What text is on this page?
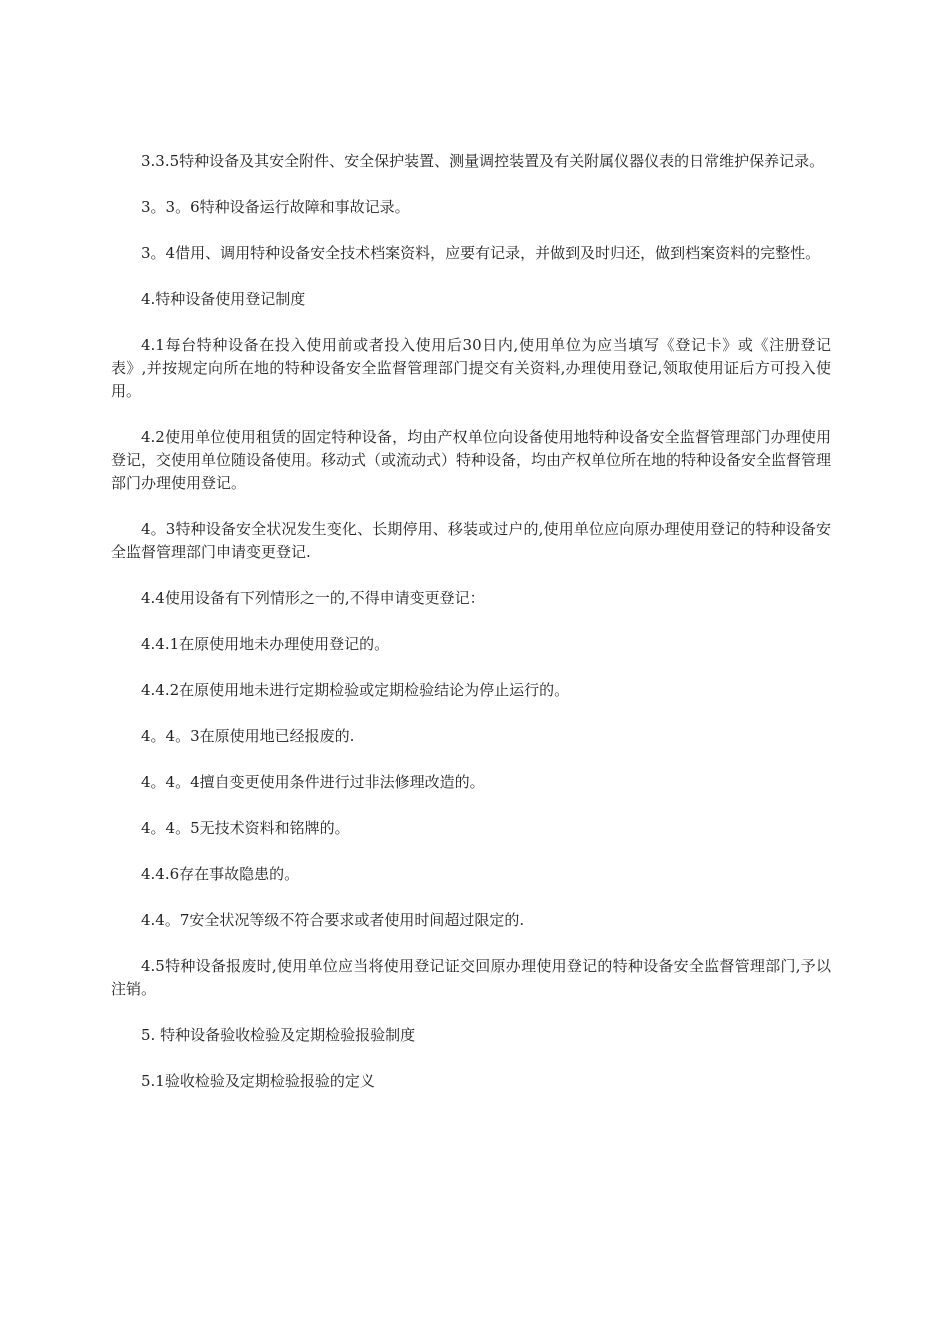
3.3.5特种设备及其安全附件、安全保护装置、测量调控装置及有关附属仪器仪表的日常维护保养记录。

3。3。6特种设备运行故障和事故记录。

3。4借用、调用特种设备安全技术档案资料，应要有记录，并做到及时归还，做到档案资料的完整性。

4.特种设备使用登记制度

4.1每台特种设备在投入使用前或者投入使用后30日内,使用单位为应当填写《登记卡》或《注册登记表》,并按规定向所在地的特种设备安全监督管理部门提交有关资料,办理使用登记,领取使用证后方可投入使用。

4.2使用单位使用租赁的固定特种设备，均由产权单位向设备使用地特种设备安全监督管理部门办理使用登记，交使用单位随设备使用。移动式（或流动式）特种设备，均由产权单位所在地的特种设备安全监督管理部门办理使用登记。

4。3特种设备安全状况发生变化、长期停用、移装或过户的,使用单位应向原办理使用登记的特种设备安全监督管理部门申请变更登记.

4.4使用设备有下列情形之一的,不得申请变更登记：

4.4.1在原使用地未办理使用登记的。

4.4.2在原使用地未进行定期检验或定期检验结论为停止运行的。

4。4。3在原使用地已经报废的.

4。4。4擅自变更使用条件进行过非法修理改造的。

4。4。5无技术资料和铭牌的。

4.4.6存在事故隐患的。

4.4。7安全状况等级不符合要求或者使用时间超过限定的.

4.5特种设备报废时,使用单位应当将使用登记证交回原办理使用登记的特种设备安全监督管理部门,予以注销。

5. 特种设备验收检验及定期检验报验制度

5.1验收检验及定期检验报验的定义
